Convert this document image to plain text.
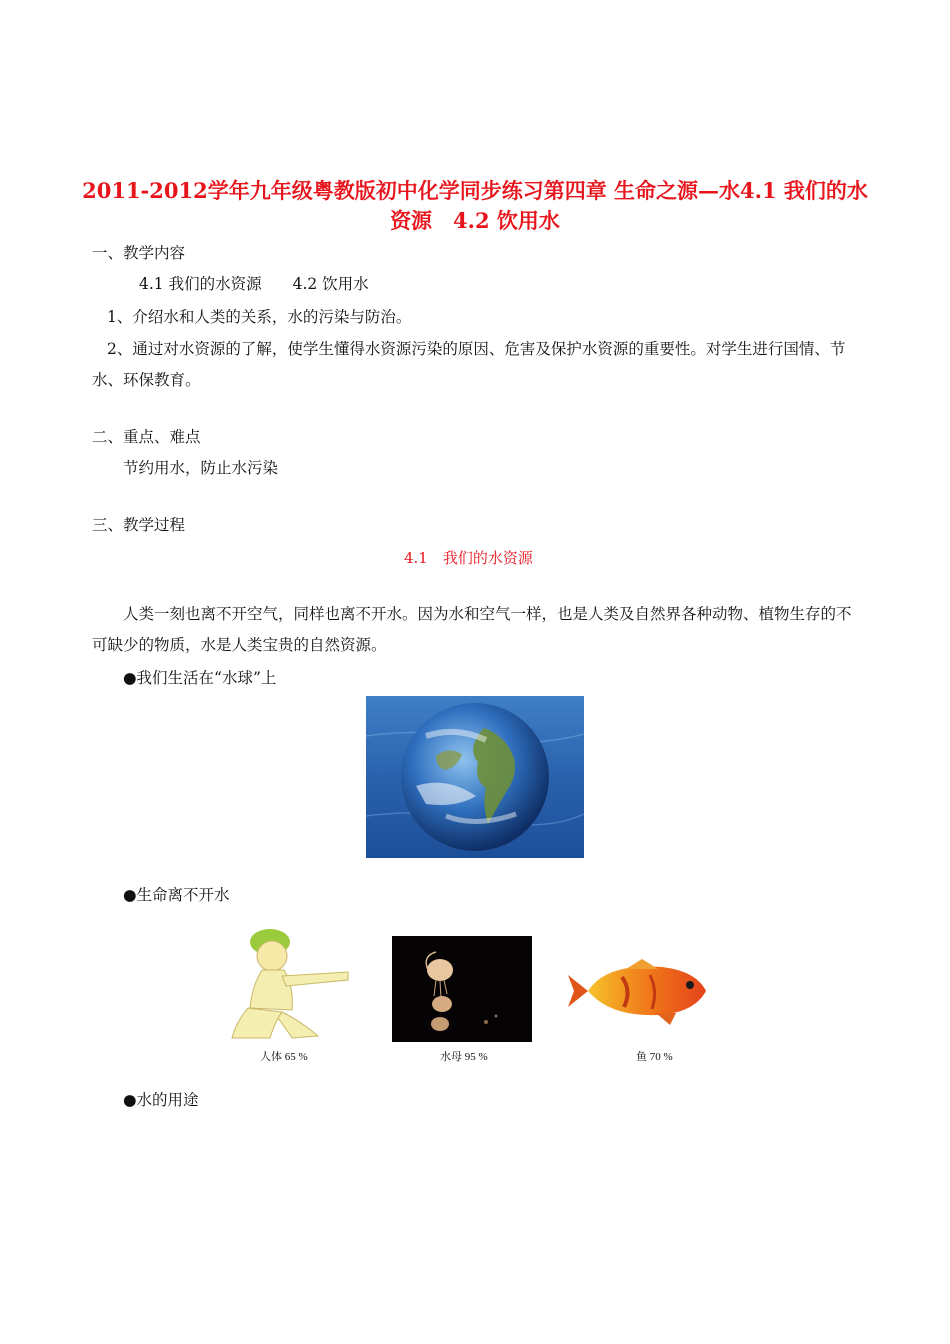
2011-2012学年九年级粤教版初中化学同步练习第四章 生命之源—水4.1 我们的水资源　4.2 饮用水

一、教学内容

4.1 我们的水资源　　4.2 饮用水

1、介绍水和人类的关系，水的污染与防治。

2、通过对水资源的了解，使学生懂得水资源污染的原因、危害及保护水资源的重要性。对学生进行国情、节水、环保教育。

二、重点、难点

节约用水，防止水污染

三、教学过程

4.1　我们的水资源

人类一刻也离不开空气，同样也离不开水。因为水和空气一样，也是人类及自然界各种动物、植物生存的不可缺少的物质，水是人类宝贵的自然资源。

●我们生活在“水球”上

●生命离不开水

人体 65 %	水母 95 %	鱼 70 %

●水的用途
